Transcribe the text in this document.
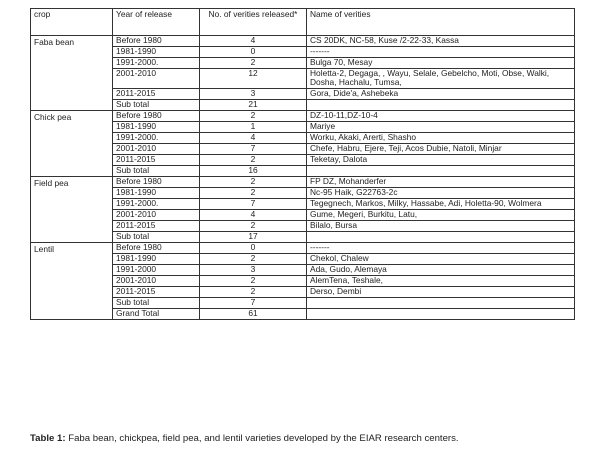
crop	Year of release	No. of verities released*	Name of verities
Faba bean	Before 1980	4	CS 20DK, NC-58, Kuse /2-22-33, Kassa
	1981-1990	0	-------
	1991-2000.	2	Bulga 70, Mesay
	2001-2010	12	Holetta-2, Degaga, , Wayu, Selale, Gebelcho, Moti, Obse, Walki, Dosha, Hachalu, Tumsa,
	2011-2015	3	Gora, Dide'a, Ashebeka
	Sub total	21	
Chick pea	Before 1980	2	DZ-10-11,DZ-10-4
	1981-1990	1	Mariye
	1991-2000.	4	Worku, Akaki, Arerti, Shasho
	2001-2010	7	Chefe, Habru, Ejere, Teji, Acos Dubie, Natoli, Minjar
	2011-2015	2	Teketay, Dalota
	Sub total	16	
Field pea	Before 1980	2	FP DZ, Mohanderfer
	1981-1990	2	Nc-95 Haik, G22763-2c
	1991-2000.	7	Tegegnech, Markos, Milky, Hassabe, Adi, Holetta-90, Wolmera
	2001-2010	4	Gume, Megeri, Burkitu, Latu,
	2011-2015	2	Bilalo, Bursa
	Sub total	17	
Lentil	Before 1980	0	-------
	1981-1990	2	Chekol, Chalew
	1991-2000	3	Ada, Gudo, Alemaya
	2001-2010	2	AlemTena, Teshale,
	2011-2015	2	Derso, Dembi
	Sub total	7	
	Grand Total	61	
Table 1: Faba bean, chickpea, field pea, and lentil varieties developed by the EIAR research centers.
